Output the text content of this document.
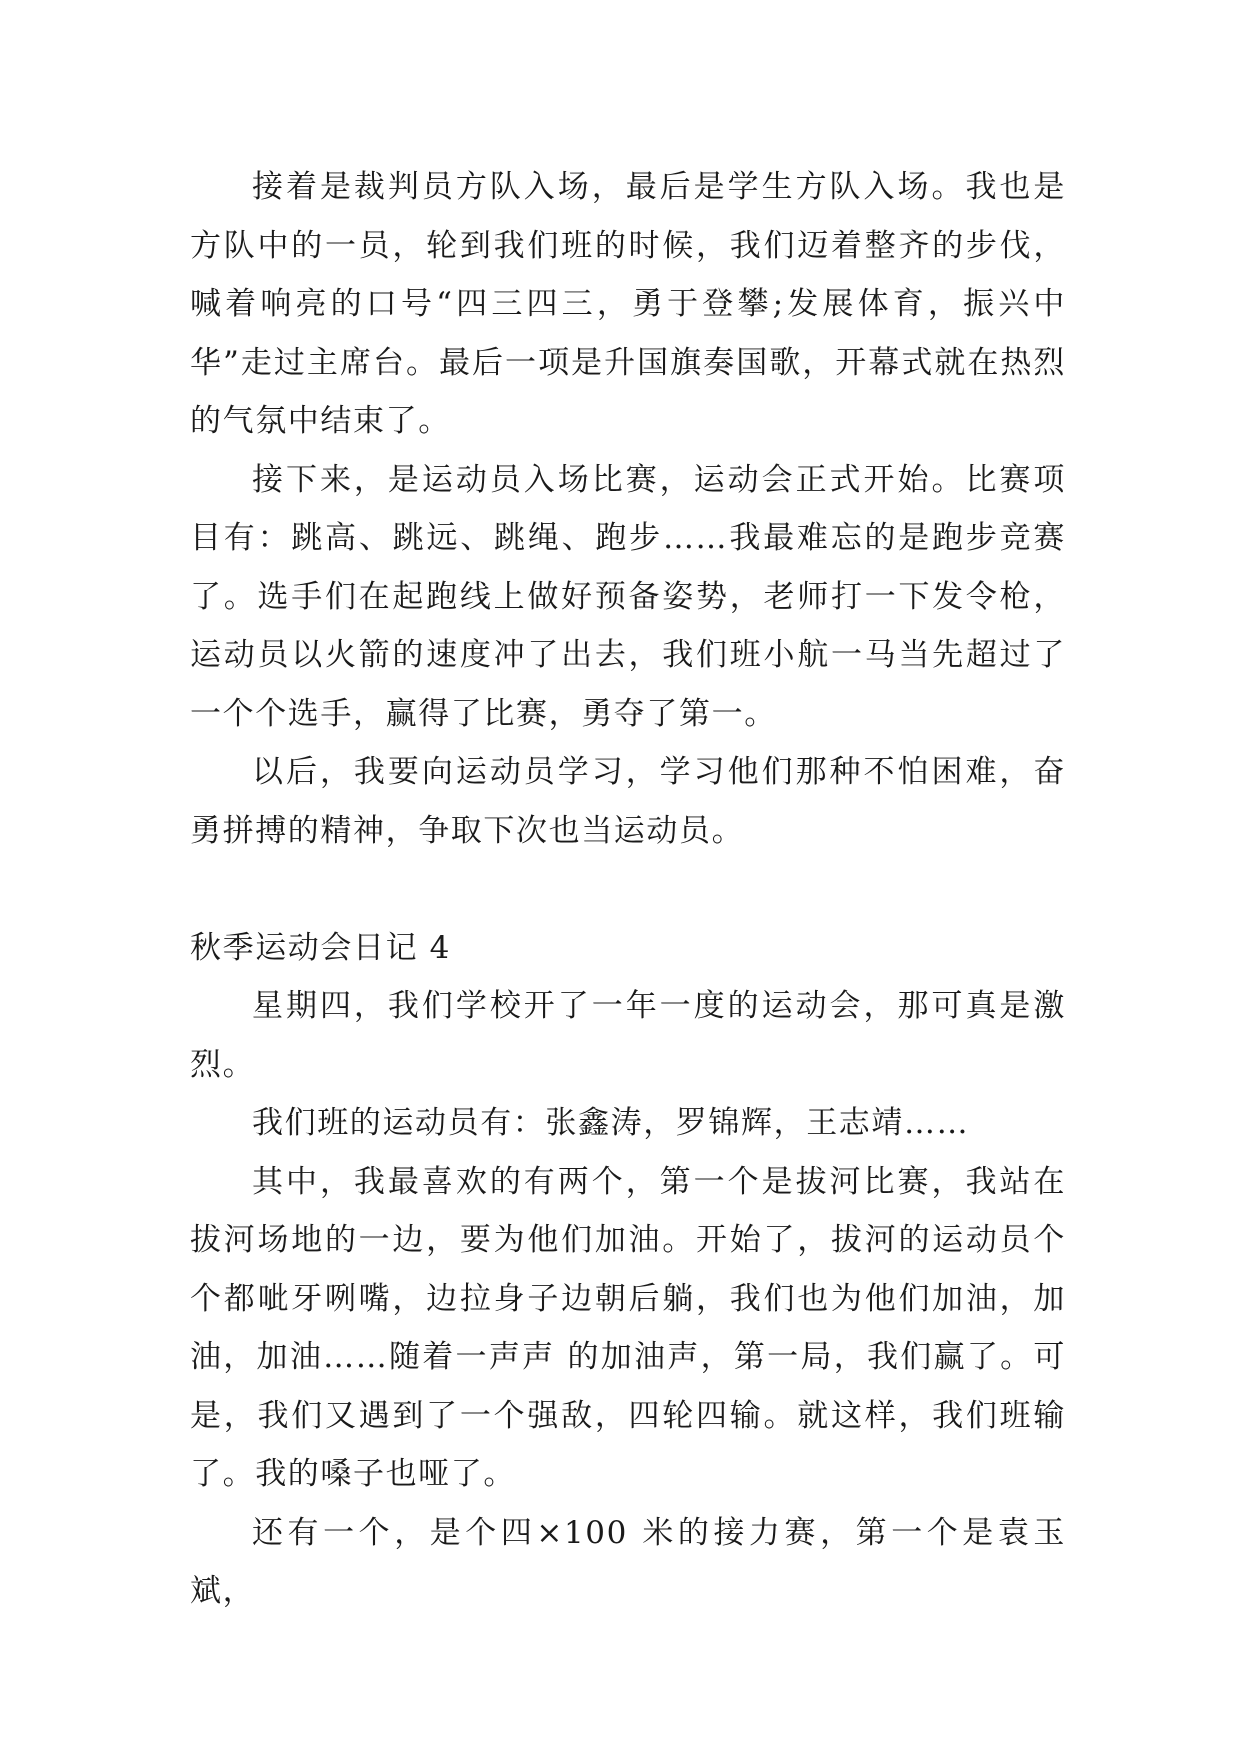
接着是裁判员方队入场，最后是学生方队入场。我也是方队中的一员，轮到我们班的时候，我们迈着整齐的步伐，喊着响亮的口号“四三四三，勇于登攀;发展体育，振兴中华”走过主席台。最后一项是升国旗奏国歌，开幕式就在热烈的气氛中结束了。

接下来，是运动员入场比赛，运动会正式开始。比赛项目有：跳高、跳远、跳绳、跑步……我最难忘的是跑步竞赛了。选手们在起跑线上做好预备姿势，老师打一下发令枪，运动员以火箭的速度冲了出去，我们班小航一马当先超过了一个个选手，赢得了比赛，勇夺了第一。

以后，我要向运动员学习，学习他们那种不怕困难，奋勇拼搏的精神，争取下次也当运动员。

秋季运动会日记 4

星期四，我们学校开了一年一度的运动会，那可真是激烈。

我们班的运动员有：张鑫涛，罗锦辉，王志靖……

其中，我最喜欢的有两个，第一个是拔河比赛，我站在拔河场地的一边，要为他们加油。开始了，拔河的运动员个个都呲牙咧嘴，边拉身子边朝后躺，我们也为他们加油，加油，加油……随着一声声 的加油声，第一局，我们赢了。可是，我们又遇到了一个强敌，四轮四输。就这样，我们班输了。我的嗓子也哑了。

还有一个，是个四×100 米的接力赛，第一个是袁玉斌，
